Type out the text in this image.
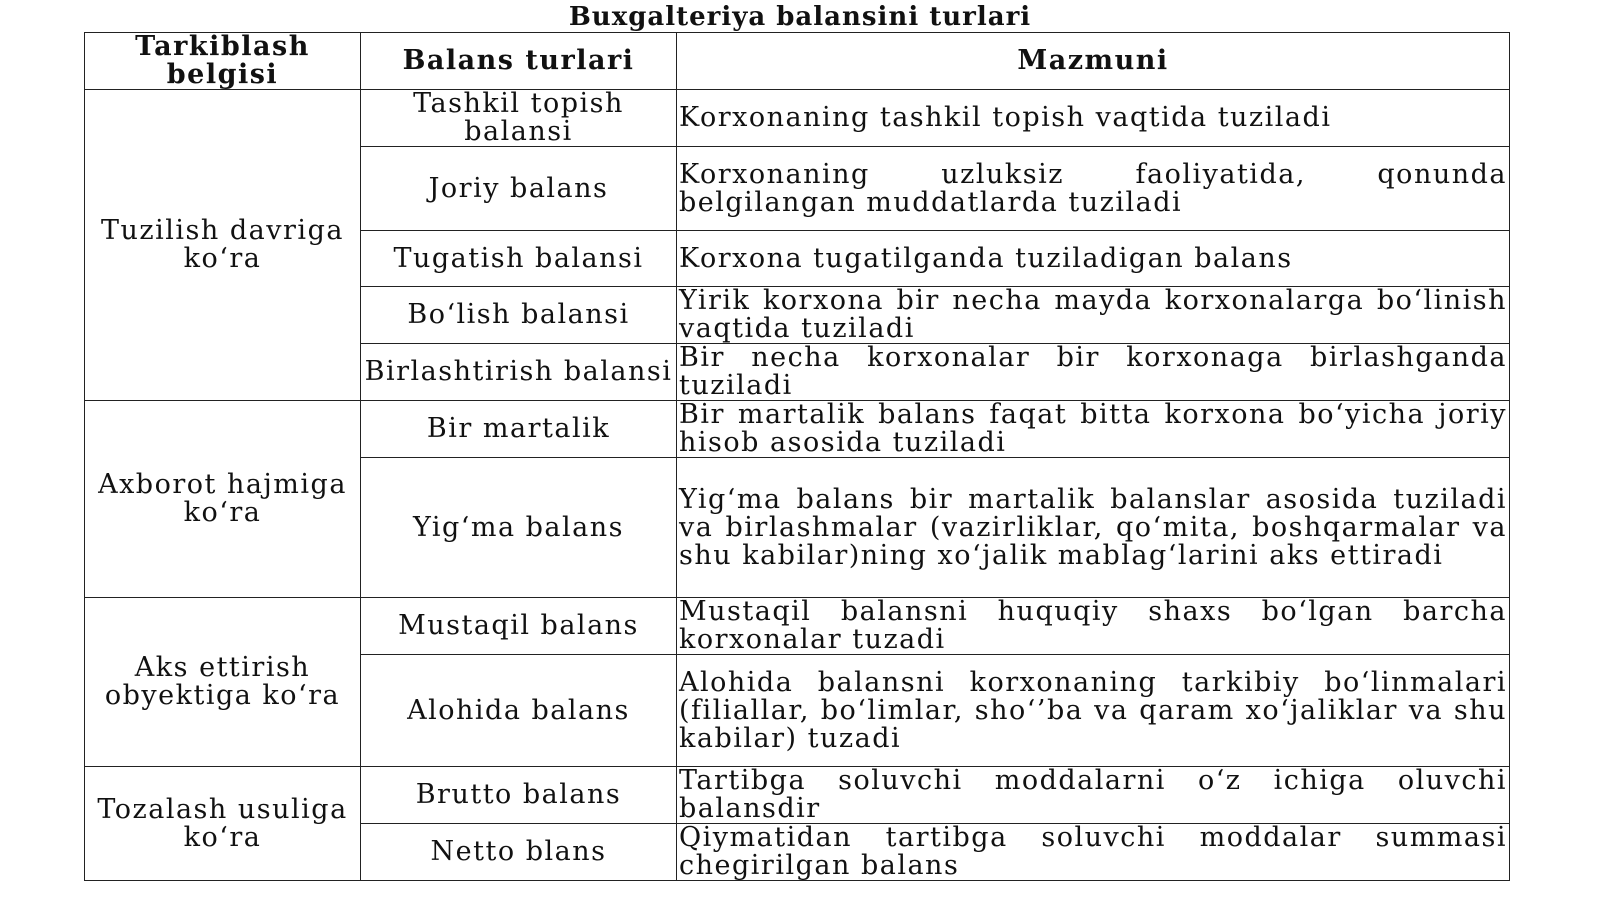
Buxgalteriya balansini turlari
Tarkiblash belgisi	Balans turlari	Mazmuni
Tuzilish davriga ko‘ra	Tashkil topish balansi	Korxonaning tashkil topish vaqtida tuziladi
	Joriy balans	Korxonaning uzluksiz faoliyatida, qonunda belgilangan muddatlarda tuziladi
	Tugatish balansi	Korxona tugatilganda tuziladigan balans
	Bo‘lish balansi	Yirik korxona bir necha mayda korxonalarga bo‘linish vaqtida tuziladi
	Birlashtirish balansi	Bir necha korxonalar bir korxonaga birlashganda tuziladi
Axborot hajmiga ko‘ra	Bir martalik	Bir martalik balans faqat bitta korxona bo‘yicha joriy hisob asosida tuziladi
	Yig‘ma balans	Yig‘ma balans bir martalik balanslar asosida tuziladi va birlashmalar (vazirliklar, qo‘mita, boshqarmalar va shu kabilar)ning xo‘jalik mablag‘larini aks ettiradi
Aks ettirish obyektiga ko‘ra	Mustaqil balans	Mustaqil balansni huquqiy shaxs bo‘lgan barcha korxonalar tuzadi
	Alohida balans	Alohida balansni korxonaning tarkibiy bo‘linmalari (filiallar, bo‘limlar, sho‘’ba va qaram xo‘jaliklar va shu kabilar) tuzadi
Tozalash usuliga ko‘ra	Brutto balans	Tartibga soluvchi moddalarni o‘z ichiga oluvchi balansdir
	Netto blans	Qiymatidan tartibga soluvchi moddalar summasi chegirilgan balans
